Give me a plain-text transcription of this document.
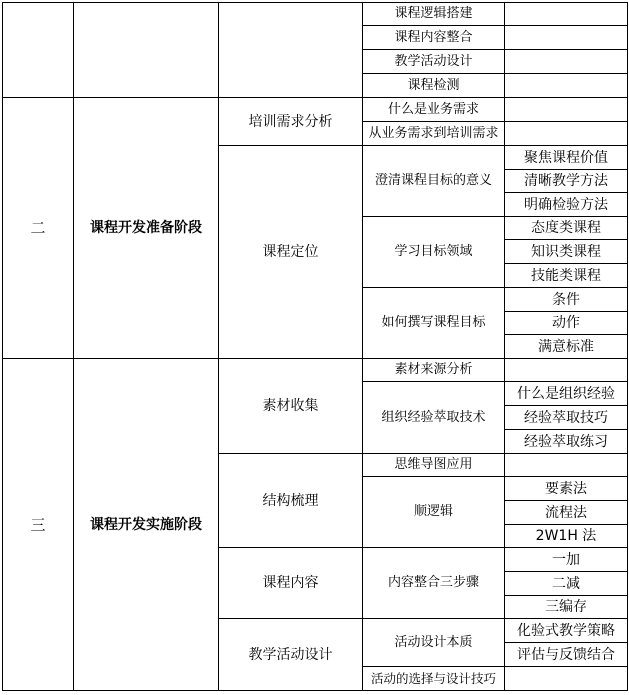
			课程逻辑搭建	
			课程内容整合	
			教学活动设计	
			课程检测	
二	课程开发准备阶段	培训需求分析	什么是业务需求	
			从业务需求到培训需求	
		课程定位	澄清课程目标的意义	聚焦课程价值
				清晰教学方法
				明确检验方法
			学习目标领域	态度类课程
				知识类课程
				技能类课程
			如何撰写课程目标	条件
				动作
				满意标准
三	课程开发实施阶段	素材收集	素材来源分析	
			组织经验萃取技术	什么是组织经验
				经验萃取技巧
				经验萃取练习
		结构梳理	思维导图应用	
			顺逻辑	要素法
				流程法
				2W1H 法
		课程内容	内容整合三步骤	一加
				二减
				三编存
		教学活动设计	活动设计本质	化验式教学策略
				评估与反馈结合
			活动的选择与设计技巧	
